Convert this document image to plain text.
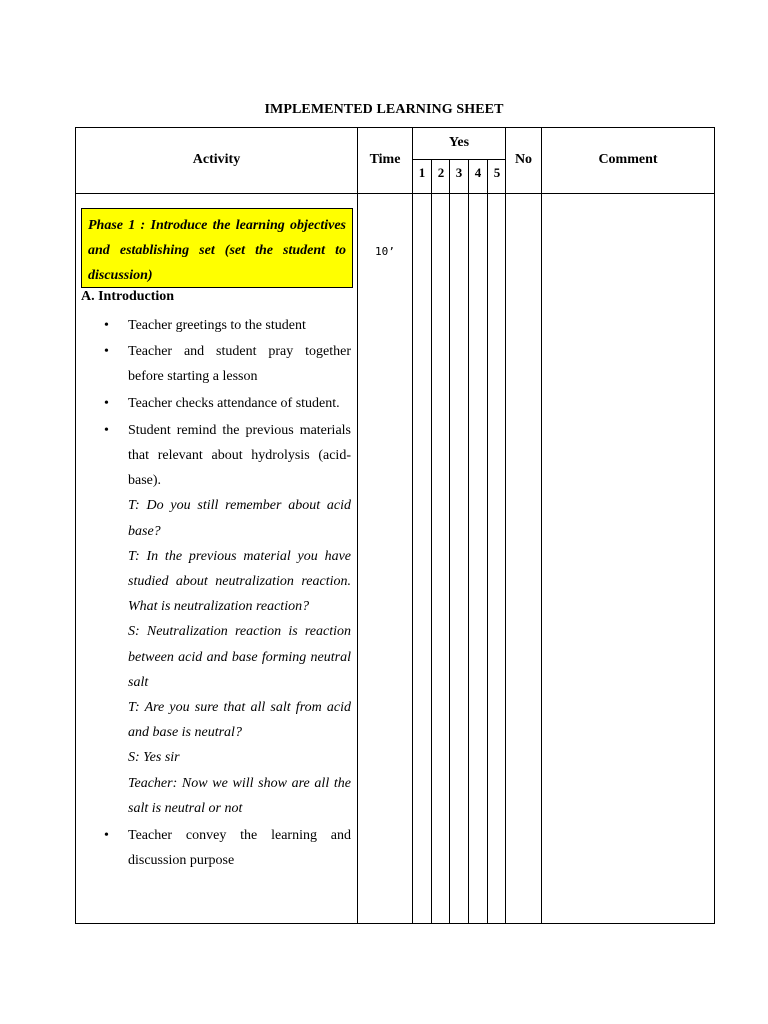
IMPLEMENTED LEARNING SHEET
Activity	Time
Yes
1 2 3 4 5
No	Comment
Phase 1 : Introduce the learning objectives and establishing set (set the student to discussion)
10’
A. Introduction
• Teacher greetings to the student
• Teacher and student pray together before starting a lesson
• Teacher checks attendance of student.
• Student remind the previous materials that relevant about hydrolysis (acid- base).
T: Do you still remember about acid base?
T: In the previous material you have studied about neutralization reaction. What is neutralization reaction?
S: Neutralization reaction is reaction between acid and base forming neutral salt
T: Are you sure that all salt from acid and base is neutral?
S: Yes sir
Teacher: Now we will show are all the salt is neutral or not
• Teacher convey the learning and discussion purpose
